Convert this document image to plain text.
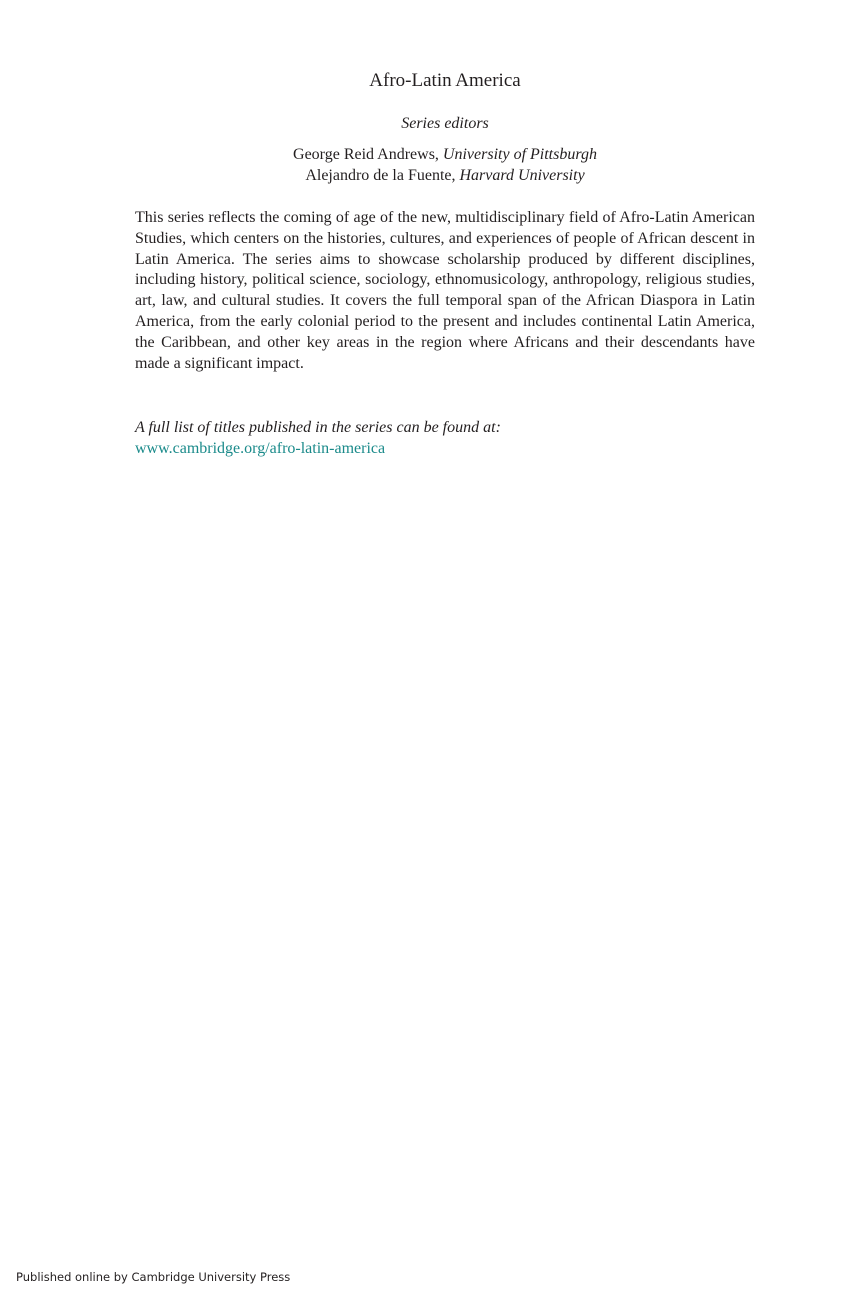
Afro-Latin America
Series editors
George Reid Andrews, University of Pittsburgh
Alejandro de la Fuente, Harvard University

This series reflects the coming of age of the new, multidisciplinary field of Afro-Latin American Studies, which centers on the histories, cultures, and experiences of people of African descent in Latin America. The series aims to showcase scholarship produced by different disciplines, including history, political science, sociology, ethnomusicology, anthropology, religious studies, art, law, and cultural studies. It covers the full temporal span of the African Diaspora in Latin America, from the early colonial period to the present and includes continental Latin America, the Caribbean, and other key areas in the region where Africans and their descendants have made a significant impact.

A full list of titles published in the series can be found at:

www.cambridge.org/afro-latin-america
Published online by Cambridge University Press
